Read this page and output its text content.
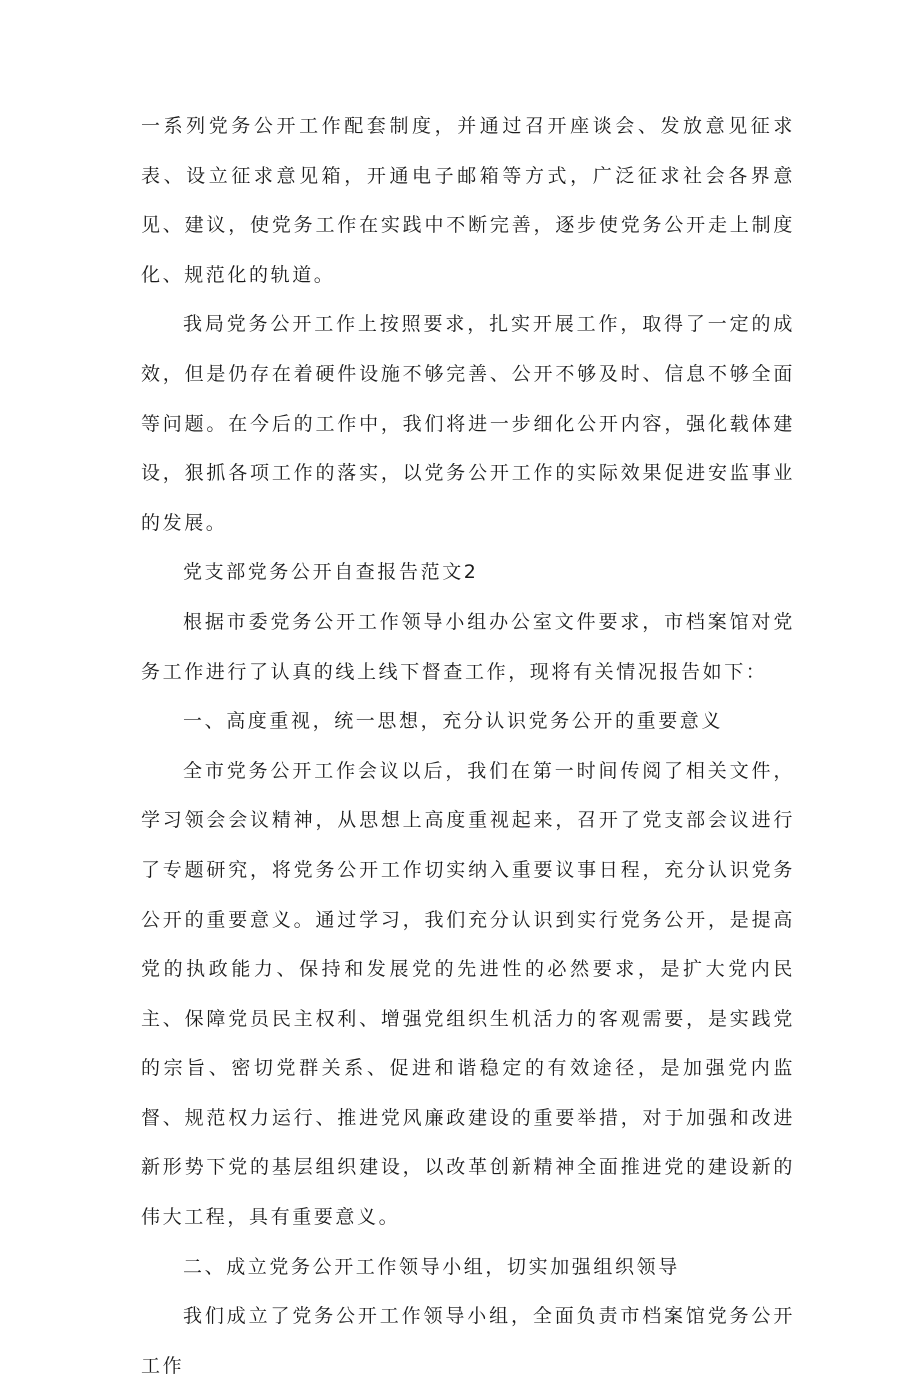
一系列党务公开工作配套制度，并通过召开座谈会、发放意见征求表、设立征求意见箱，开通电子邮箱等方式，广泛征求社会各界意见、建议，使党务工作在实践中不断完善，逐步使党务公开走上制度化、规范化的轨道。

我局党务公开工作上按照要求，扎实开展工作，取得了一定的成效，但是仍存在着硬件设施不够完善、公开不够及时、信息不够全面等问题。在今后的工作中，我们将进一步细化公开内容，强化载体建设，狠抓各项工作的落实，以党务公开工作的实际效果促进安监事业的发展。

党支部党务公开自查报告范文2

根据市委党务公开工作领导小组办公室文件要求，市档案馆对党务工作进行了认真的线上线下督查工作，现将有关情况报告如下：

一、高度重视，统一思想，充分认识党务公开的重要意义

全市党务公开工作会议以后，我们在第一时间传阅了相关文件，学习领会会议精神，从思想上高度重视起来，召开了党支部会议进行了专题研究，将党务公开工作切实纳入重要议事日程，充分认识党务公开的重要意义。通过学习，我们充分认识到实行党务公开，是提高党的执政能力、保持和发展党的先进性的必然要求，是扩大党内民主、保障党员民主权利、增强党组织生机活力的客观需要，是实践党的宗旨、密切党群关系、促进和谐稳定的有效途径，是加强党内监督、规范权力运行、推进党风廉政建设的重要举措，对于加强和改进新形势下党的基层组织建设，以改革创新精神全面推进党的建设新的伟大工程，具有重要意义。

二、成立党务公开工作领导小组，切实加强组织领导

我们成立了党务公开工作领导小组，全面负责市档案馆党务公开工作
